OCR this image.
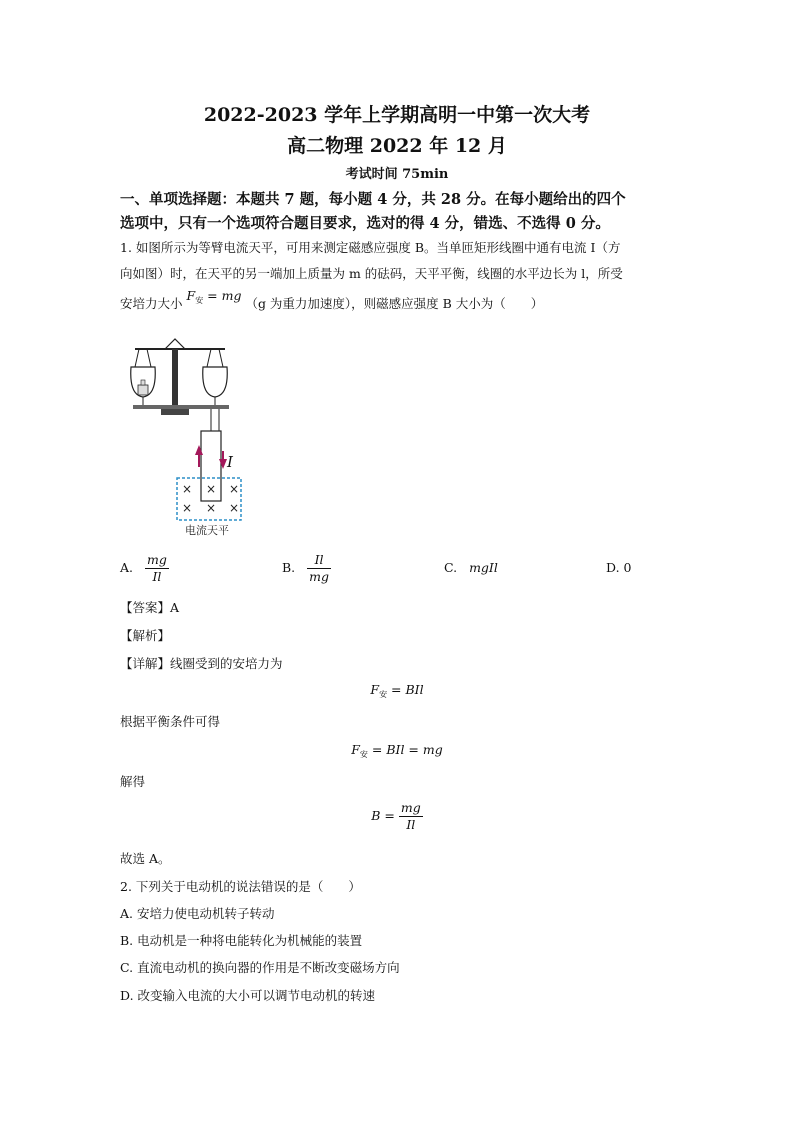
2022-2023 学年上学期高明一中第一次大考
高二物理 2022 年 12 月
考试时间 75min
一、单项选择题：本题共 7 题，每小题 4 分，共 28 分。在每小题给出的四个
选项中，只有一个选项符合题目要求，选对的得 4 分，错选、不选得 0 分。
1. 如图所示为等臂电流天平，可用来测定磁感应强度 B。当单匝矩形线圈中通有电流 I（方
向如图）时，在天平的另一端加上质量为 m 的砝码，天平平衡，线圈的水平边长为 l，所受
安培力大小 $F_安$ = mg （g 为重力加速度），则磁感应强度 B 大小为（　　）
I
× × ×
× × ×
电流天平
A. $\frac{mg}{Il}$	B. $\frac{Il}{mg}$	C. mgIl	D. 0
【答案】A
【解析】
【详解】线圈受到的安培力为
$F_安$ = BIl
根据平衡条件可得
$F_安$ = BIl = mg
解得
$B = \frac{mg}{Il}$
故选 A。
2. 下列关于电动机的说法错误的是（　　）
A. 安培力使电动机转子转动
B. 电动机是一种将电能转化为机械能的装置
C. 直流电动机的换向器的作用是不断改变磁场方向
D. 改变输入电流的大小可以调节电动机的转速
